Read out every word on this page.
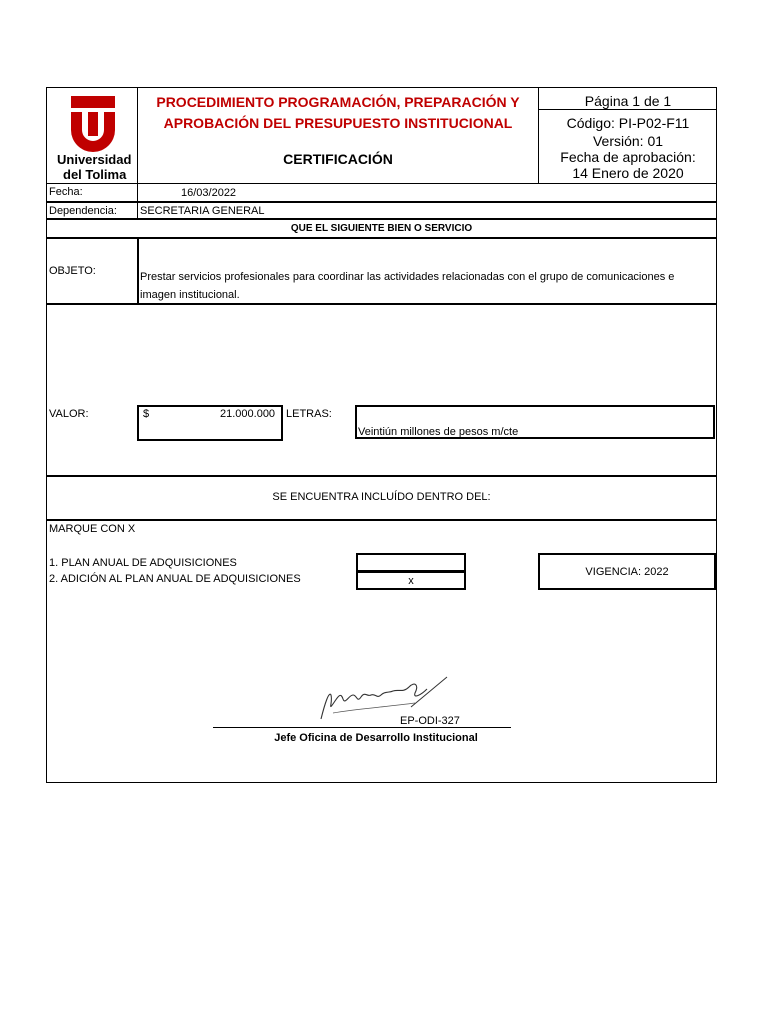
Universidad
del Tolima
PROCEDIMIENTO PROGRAMACIÓN, PREPARACIÓN Y
APROBACIÓN DEL PRESUPUESTO INSTITUCIONAL
CERTIFICACIÓN
Página 1 de 1
Código: PI-P02-F11
Versión: 01
Fecha de aprobación:
14 Enero de 2020
Fecha:	16/03/2022
Dependencia: SECRETARIA GENERAL
QUE EL SIGUIENTE BIEN O SERVICIO
OBJETO:	Prestar servicios profesionales para coordinar las actividades relacionadas con el grupo de comunicaciones e
imagen institucional.
VALOR:	$	21.000.000 LETRAS:
Veintiún millones de pesos m/cte
SE ENCUENTRA INCLUÍDO DENTRO DEL:
MARQUE CON X
1. PLAN ANUAL DE ADQUISICIONES
2. ADICIÓN AL PLAN ANUAL DE ADQUISICIONES	x
VIGENCIA: 2022
EP-ODI-327
Jefe Oficina de Desarrollo Institucional
